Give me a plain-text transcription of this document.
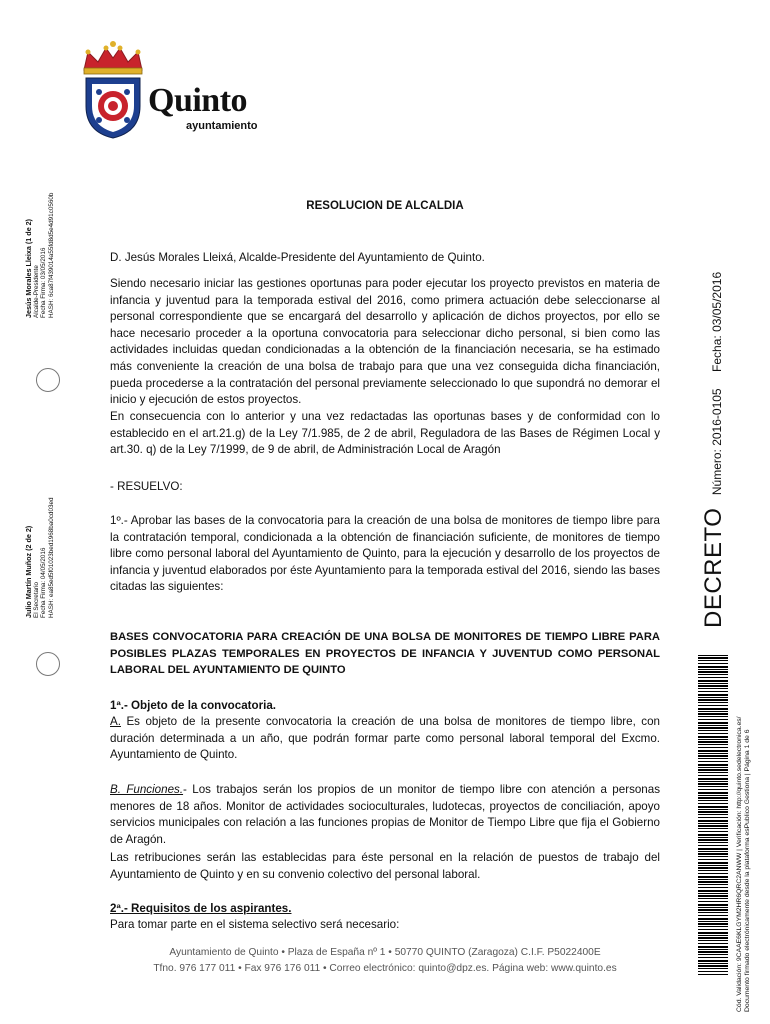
Quinto
ayuntamiento
Jesús Morales Lleixa (1 de 2) Alcalde-Presidente Fecha Firma: 03/05/2016 HASH: 6ca87f439014a55fd8d5e4d91c0560b
Julio Martín Muñoz (2 de 2) El Secretario Fecha Firma: 04/05/2016 HASH: ea85ed5f01023bed1968ba0cd03ed	DECRETO Número: 2016-0105 Fecha: 03/05/2016
Cód. Validación: 9CAAE6KLGYM2HR6QRC2ANWW | Verificación: http://quinto.sedelectronica.es/ Documento firmado electrónicamente desde la plataforma esPublico Gestiona | Página 1 de 6
RESOLUCION DE ALCALDIA
D. Jesús Morales Lleixá, Alcalde-Presidente del Ayuntamiento de Quinto.
Siendo necesario iniciar las gestiones oportunas para poder ejecutar los proyecto previstos en materia de infancia y juventud para la temporada estival del 2016, como primera actuación debe seleccionarse al personal correspondiente que se encargará del desarrollo y aplicación de dichos proyectos, por ello se hace necesario proceder a la oportuna convocatoria para seleccionar dicho personal, si bien como las actividades incluidas quedan condicionadas a la obtención de la financiación necesaria, se ha estimado más conveniente la creación de una bolsa de trabajo para que una vez conseguida dicha financiación, pueda procederse a la contratación del personal previamente seleccionado lo que supondrá no demorar el inicio y ejecución de estos proyectos.
En consecuencia con lo anterior y una vez redactadas las oportunas bases y de conformidad con lo establecido en el art.21.g) de la Ley 7/1.985, de 2 de abril, Reguladora de las Bases de Régimen Local y art.30. q) de la Ley 7/1999, de 9 de abril, de Administración Local de Aragón
- RESUELVO:
1º.- Aprobar las bases de la convocatoria para la creación de una bolsa de monitores de tiempo libre para la contratación temporal, condicionada a la obtención de financiación suficiente, de monitores de tiempo libre como personal laboral del Ayuntamiento de Quinto, para la ejecución y desarrollo de los proyectos de infancia y juventud elaborados por éste Ayuntamiento para la temporada estival del 2016, siendo las bases citadas las siguientes:
BASES CONVOCATORIA PARA CREACIÓN DE UNA BOLSA DE MONITORES DE TIEMPO LIBRE PARA POSIBLES PLAZAS TEMPORALES EN PROYECTOS DE INFANCIA Y JUVENTUD COMO PERSONAL LABORAL DEL AYUNTAMIENTO DE QUINTO
1ª.- Objeto de la convocatoria.
A. Es objeto de la presente convocatoria la creación de una bolsa de monitores de tiempo libre, con duración determinada a un año, que podrán formar parte como personal laboral temporal del Excmo. Ayuntamiento de Quinto.
B. Funciones.- Los trabajos serán los propios de un monitor de tiempo libre con atención a personas menores de 18 años. Monitor de actividades socioculturales, ludotecas, proyectos de conciliación, apoyo servicios municipales con relación a las funciones propias de Monitor de Tiempo Libre que fija el Gobierno de Aragón.
Las retribuciones serán las establecidas para éste personal en la relación de puestos de trabajo del Ayuntamiento de Quinto y en su convenio colectivo del personal laboral.
2ª.- Requisitos de los aspirantes.
Para tomar parte en el sistema selectivo será necesario:
Ayuntamiento de Quinto • Plaza de España nº 1 • 50770 QUINTO (Zaragoza) C.I.F. P5022400E
Tfno. 976 177 011 • Fax 976 176 011 • Correo electrónico: quinto@dpz.es. Página web: www.quinto.es
